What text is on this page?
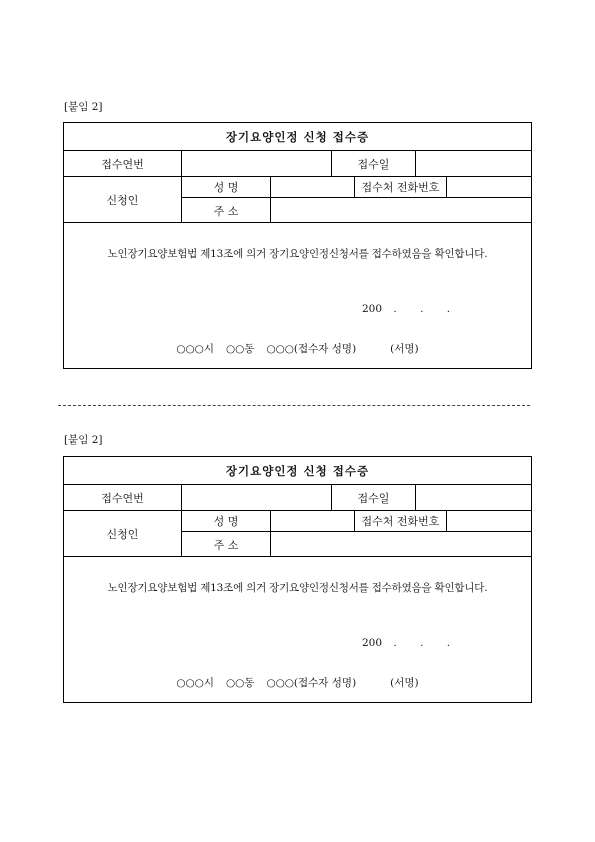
[붙임 2]
장기요양인정 신청 접수증
접수연번	접수일
신청인
성 명	접수처 전화번호
주 소
노인장기요양보험법 제13조에 의거 장기요양인정신청서를 접수하였음을 확인합니다.
200 .       .       .
○○○시 ○○동 ○○○(접수자 성명)	(서명)
[붙임 2]
장기요양인정 신청 접수증
접수연번	접수일
신청인
성 명	접수처 전화번호
주 소
노인장기요양보험법 제13조에 의거 장기요양인정신청서를 접수하였음을 확인합니다.
200 .       .       .
○○○시 ○○동 ○○○(접수자 성명)	(서명)
